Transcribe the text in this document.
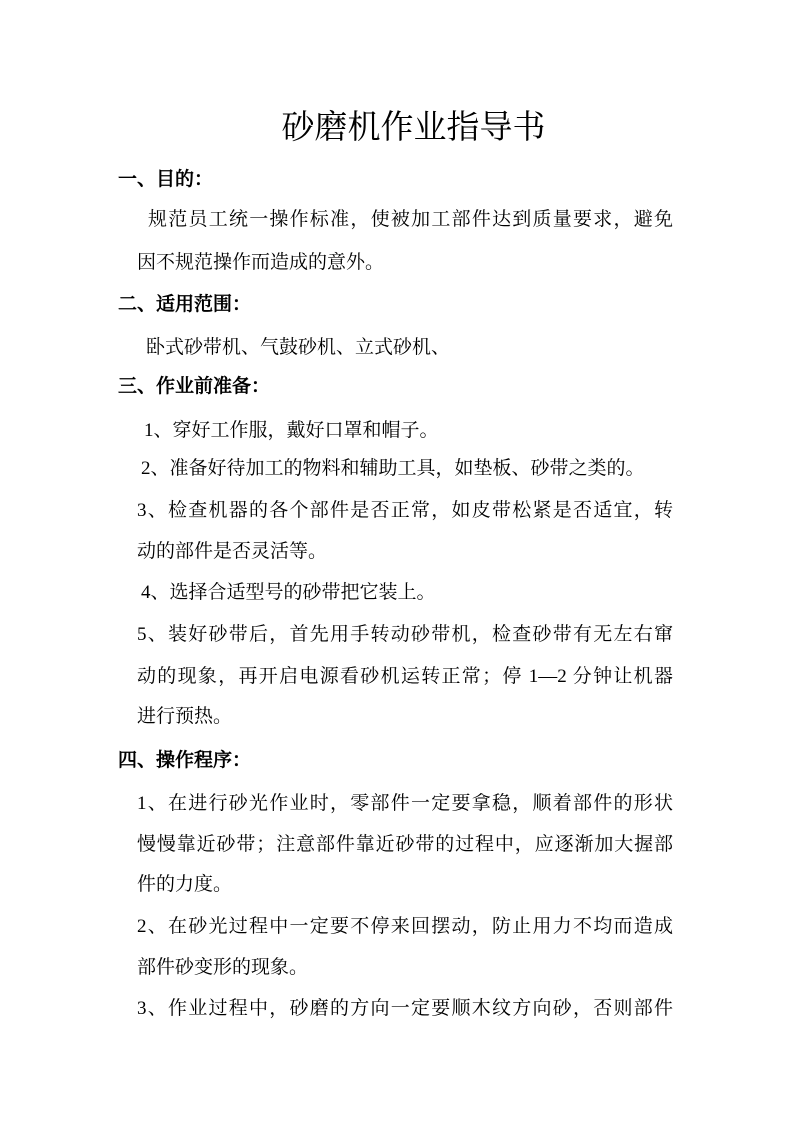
砂磨机作业指导书
一、目的：
规范员工统一操作标准，使被加工部件达到质量要求，避免
因不规范操作而造成的意外。
二、适用范围：
卧式砂带机、气鼓砂机、立式砂机、
三、作业前准备：
1、穿好工作服，戴好口罩和帽子。
2、准备好待加工的物料和辅助工具，如垫板、砂带之类的。
3、检查机器的各个部件是否正常，如皮带松紧是否适宜，转
动的部件是否灵活等。
4、选择合适型号的砂带把它装上。
5、装好砂带后，首先用手转动砂带机，检查砂带有无左右窜
动的现象，再开启电源看砂机运转正常；停 1—2 分钟让机器
进行预热。
四、操作程序：
1、在进行砂光作业时，零部件一定要拿稳，顺着部件的形状
慢慢靠近砂带；注意部件靠近砂带的过程中，应逐渐加大握部
件的力度。
2、在砂光过程中一定要不停来回摆动，防止用力不均而造成
部件砂变形的现象。
3、作业过程中，砂磨的方向一定要顺木纹方向砂，否则部件
